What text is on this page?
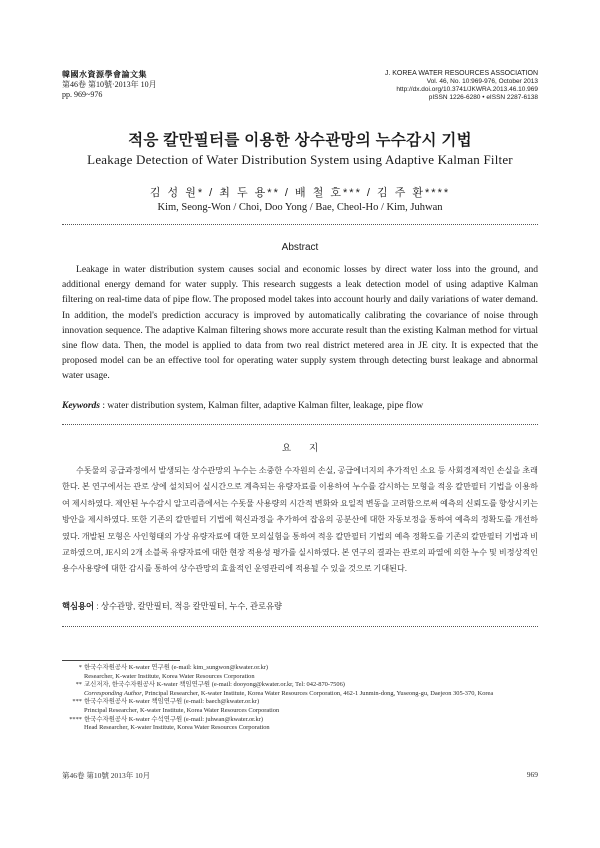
韓國水資源學會論文集
第46卷 第10號·2013年 10月
pp. 969~976
J. KOREA WATER RESOURCES ASSOCIATION
Vol. 46, No. 10:969-976, October 2013
http://dx.doi.org/10.3741/JKWRA.2013.46.10.969
pISSN 1226-6280 • eISSN 2287-6138
적응 칼만필터를 이용한 상수관망의 누수감시 기법
Leakage Detection of Water Distribution System using Adaptive Kalman Filter
김 성 원* / 최 두 용** / 배 철 호*** / 김 주 환****
Kim, Seong-Won / Choi, Doo Yong / Bae, Cheol-Ho / Kim, Juhwan
Abstract
Leakage in water distribution system causes social and economic losses by direct water loss into the ground, and additional energy demand for water supply. This research suggests a leak detection model of using adaptive Kalman filtering on real-time data of pipe flow. The proposed model takes into account hourly and daily variations of water demand. In addition, the model's prediction accuracy is improved by automatically calibrating the covariance of noise through innovation sequence. The adaptive Kalman filtering shows more accurate result than the existing Kalman method for virtual sine flow data. Then, the model is applied to data from two real district metered area in JE city. It is expected that the proposed model can be an effective tool for operating water supply system through detecting burst leakage and abnormal water usage.
Keywords : water distribution system, Kalman filter, adaptive Kalman filter, leakage, pipe flow
요지
수돗물의 공급과정에서 발생되는 상수관망의 누수는 소중한 수자원의 손실, 공급에너지의 추가적인 소요 등 사회경제적인 손실을 초래한다. 본 연구에서는 관로 상에 설치되어 실시간으로 계측되는 유량자료를 이용하여 누수를 감시하는 모형을 적응 칼만필터 기법을 이용하여 제시하였다. 제안된 누수감시 알고리즘에서는 수돗물 사용량의 시간적 변화와 요일적 변동을 고려함으로써 예측의 신뢰도를 향상시키는 방안을 제시하였다. 또한 기존의 칼만필터 기법에 혁신과정을 추가하여 잡음의 공분산에 대한 자동보정을 통하여 예측의 정확도를 개선하였다. 개발된 모형은 사인형태의 가상 유량자료에 대한 모의실험을 통하여 적응 칼만필터 기법의 예측 정확도를 기존의 칼만필터 기법과 비교하였으며, JE시의 2개 소블록 유량자료에 대한 현장 적용성 평가를 실시하였다. 본 연구의 결과는 관로의 파열에 의한 누수 및 비정상적인 용수사용량에 대한 감시를 통하여 상수관망의 효율적인 운영관리에 적용될 수 있을 것으로 기대된다.
핵심용어 : 상수관망, 칼만필터, 적응 칼만필터, 누수, 관로유량
* 한국수자원공사 K-water 연구원 (e-mail: kim_sungwon@kwater.or.kr)
Researcher, K-water Institute, Korea Water Resources Corporation
** 교신저자, 한국수자원공사 K-water 책임연구원 (e-mail: dooyong@kwater.or.kr, Tel: 042-870-7506)
Corresponding Author, Principal Researcher, K-water Institute, Korea Water Resources Corporation, 462-1 Junmin-dong, Yuseong-gu, Daejeon 305-370, Korea
*** 한국수자원공사 K-water 책임연구원 (e-mail: baech@kwater.or.kr)
Principal Researcher, K-water Institute, Korea Water Resources Corporation
**** 한국수자원공사 K-water 수석연구원 (e-mail: juhwan@kwater.or.kr)
Head Researcher, K-water Institute, Korea Water Resources Corporation
第46卷 第10號 2013年 10月	969
